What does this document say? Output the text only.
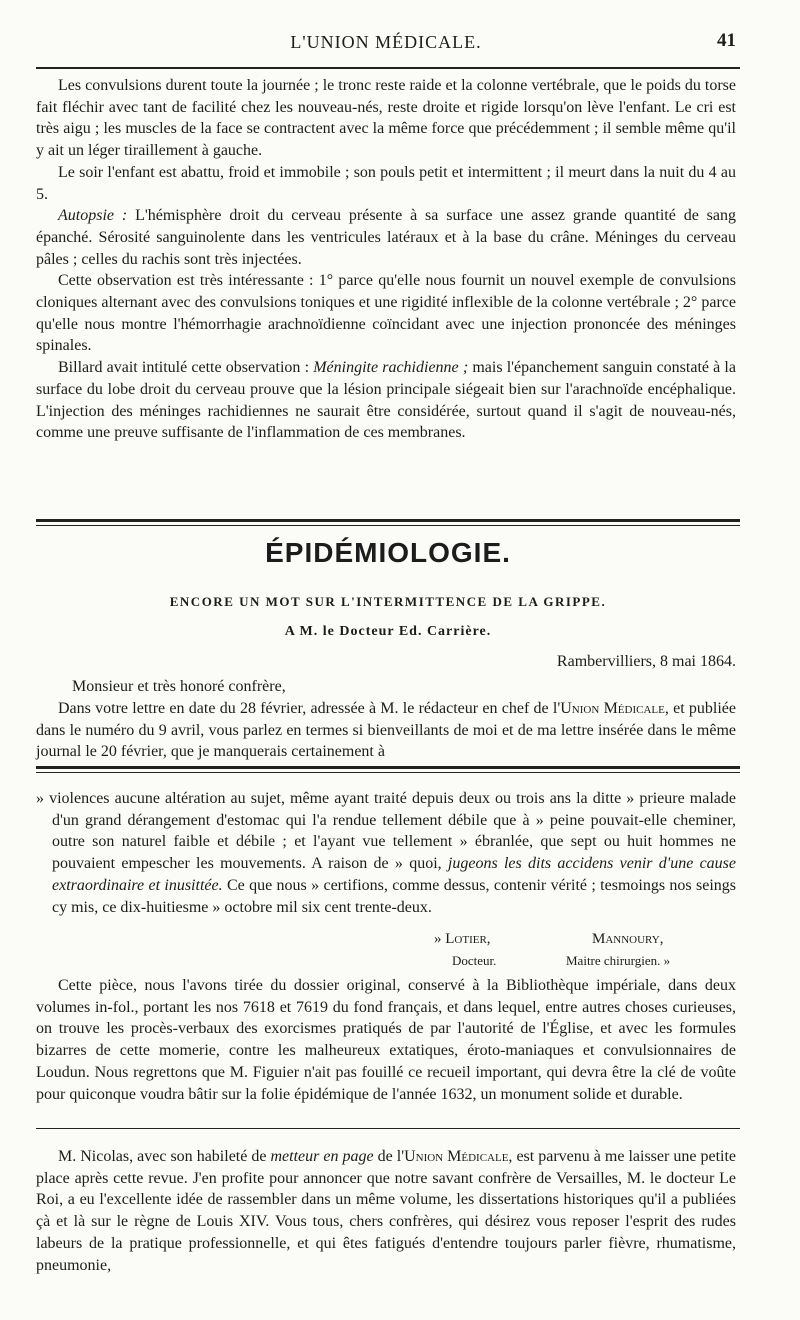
L'UNION MÉDICALE.	41

Les convulsions durent toute la journée ; le tronc reste raide et la colonne vertébrale, que le poids du torse fait fléchir avec tant de facilité chez les nouveau-nés, reste droite et rigide lorsqu'on lève l'enfant. Le cri est très aigu ; les muscles de la face se contractent avec la même force que précédemment ; il semble même qu'il y ait un léger tiraillement à gauche.

Le soir l'enfant est abattu, froid et immobile ; son pouls petit et intermittent ; il meurt dans la nuit du 4 au 5.

Autopsie : L'hémisphère droit du cerveau présente à sa surface une assez grande quantité de sang épanché. Sérosité sanguinolente dans les ventricules latéraux et à la base du crâne. Méninges du cerveau pâles ; celles du rachis sont très injectées.

Cette observation est très intéressante : 1° parce qu'elle nous fournit un nouvel exemple de convulsions cloniques alternant avec des convulsions toniques et une rigidité inflexible de la colonne vertébrale ; 2° parce qu'elle nous montre l'hémorrhagie arachnoïdienne coïncidant avec une injection prononcée des méninges spinales.

Billard avait intitulé cette observation : Méningite rachidienne ; mais l'épanchement sanguin constaté à la surface du lobe droit du cerveau prouve que la lésion principale siégeait bien sur l'arachnoïde encéphalique. L'injection des méninges rachidiennes ne saurait être considérée, surtout quand il s'agit de nouveau-nés, comme une preuve suffisante de l'inflammation de ces membranes.

ÉPIDÉMIOLOGIE.
ENCORE UN MOT SUR L'INTERMITTENCE DE LA GRIPPE.
A M. le Docteur Ed. Carrière.
Rambervilliers, 8 mai 1864.
Monsieur et très honoré confrère,

Dans votre lettre en date du 28 février, adressée à M. le rédacteur en chef de l'Union Médicale, et publiée dans le numéro du 9 avril, vous parlez en termes si bienveillants de moi et de ma lettre insérée dans le même journal le 20 février, que je manquerais certainement à

» violences aucune altération au sujet, même ayant traité depuis deux ou trois ans la ditte » prieure malade d'un grand dérangement d'estomac qui l'a rendue tellement débile que à » peine pouvait-elle cheminer, outre son naturel faible et débile ; et l'ayant vue tellement » ébranlée, que sept ou huit hommes ne pouvaient empescher les mouvements. A raison de » quoi, jugeons les dits accidens venir d'une cause extraordinaire et inusittée. Ce que nous » certifions, comme dessus, contenir vérité ; tesmoings nos seings cy mis, ce dix-huitiesme » octobre mil six cent trente-deux.

» Lotier,
Docteur.
Mannoury,
Maitre chirurgien. »

Cette pièce, nous l'avons tirée du dossier original, conservé à la Bibliothèque impériale, dans deux volumes in-fol., portant les nos 7618 et 7619 du fond français, et dans lequel, entre autres choses curieuses, on trouve les procès-verbaux des exorcismes pratiqués de par l'autorité de l'Église, et avec les formules bizarres de cette momerie, contre les malheureux extatiques, éroto-maniaques et convulsionnaires de Loudun. Nous regrettons que M. Figuier n'ait pas fouillé ce recueil important, qui devra être la clé de voûte pour quiconque voudra bâtir sur la folie épidémique de l'année 1632, un monument solide et durable.

M. Nicolas, avec son habileté de metteur en page de l'Union Médicale, est parvenu à me laisser une petite place après cette revue. J'en profite pour annoncer que notre savant confrère de Versailles, M. le docteur Le Roi, a eu l'excellente idée de rassembler dans un même volume, les dissertations historiques qu'il a publiées çà et là sur le règne de Louis XIV. Vous tous, chers confrères, qui désirez vous reposer l'esprit des rudes labeurs de la pratique professionnelle, et qui êtes fatigués d'entendre toujours parler fièvre, rhumatisme, pneumonie,
